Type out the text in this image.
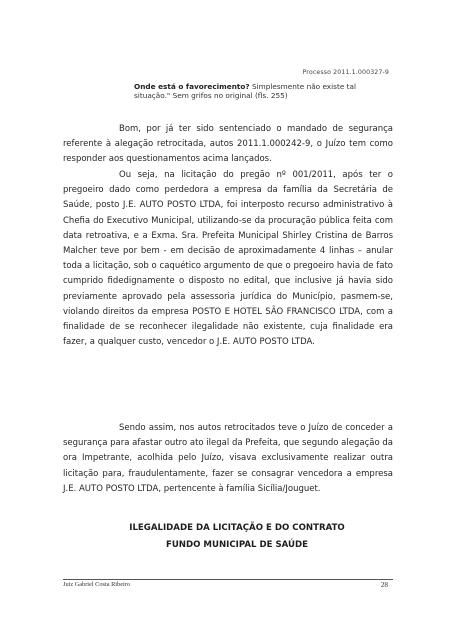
Processo 2011.1.000327-9
Onde está o favorecimento? Simplesmente não existe tal situação." Sem grifos no original (fls. 255)

Bom, por já ter sido sentenciado o mandado de segurança referente à alegação retrocitada, autos 2011.1.000242-9, o Juízo tem como responder aos questionamentos acima lançados.

Ou seja, na licitação do pregão nº 001/2011, após ter o pregoeiro dado como perdedora a empresa da família da Secretária de Saúde, posto J.E. AUTO POSTO LTDA, foi interposto recurso administrativo à Chefia do Executivo Municipal, utilizando-se da procuração pública feita com data retroativa, e a Exma. Sra. Prefeita Municipal Shirley Cristina de Barros Malcher teve por bem - em decisão de aproximadamente 4 linhas – anular toda a licitação, sob o caquético argumento de que o pregoeiro havia de fato cumprido fidedignamente o disposto no edital, que inclusive já havia sido previamente aprovado pela assessoria jurídica do Município, pasmem-se, violando direitos da empresa POSTO E HOTEL SÃO FRANCISCO LTDA, com a finalidade de se reconhecer ilegalidade não existente, cuja finalidade era fazer, a qualquer custo, vencedor o J.E. AUTO POSTO LTDA.

Sendo assim, nos autos retrocitados teve o Juízo de conceder a segurança para afastar outro ato ilegal da Prefeita, que segundo alegação da ora Impetrante, acolhida pelo Juízo, visava exclusivamente realizar outra licitação para, fraudulentamente, fazer se consagrar vencedora a empresa J.E. AUTO POSTO LTDA, pertencente à família Sicília/Jouguet.

ILEGALIDADE DA LICITAÇÃO E DO CONTRATO
FUNDO MUNICIPAL DE SAÚDE
Juiz Gabriel Costa Ribeiro	28
